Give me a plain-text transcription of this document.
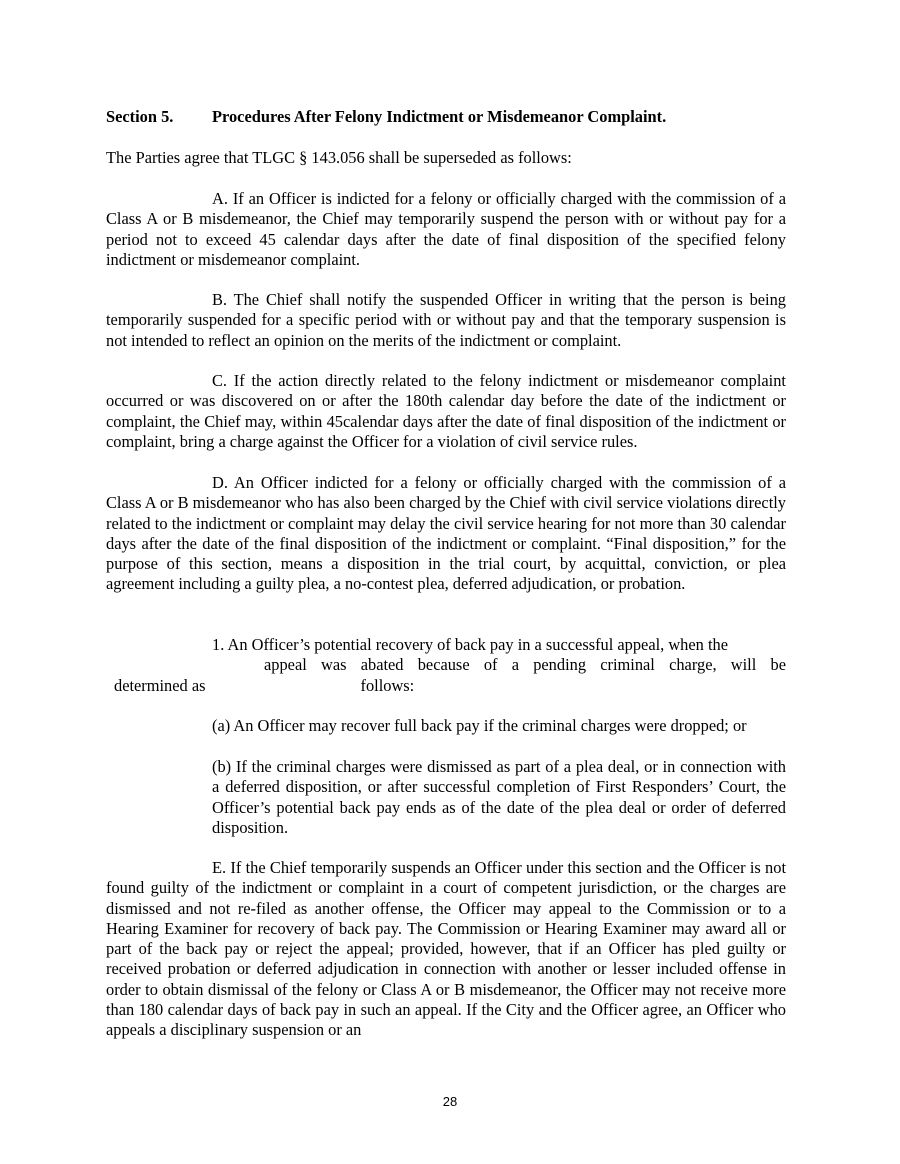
Section 5. Procedures After Felony Indictment or Misdemeanor Complaint.

The Parties agree that TLGC § 143.056 shall be superseded as follows:

A. If an Officer is indicted for a felony or officially charged with the commission of a Class A or B misdemeanor, the Chief may temporarily suspend the person with or without pay for a period not to exceed 45 calendar days after the date of final disposition of the specified felony indictment or misdemeanor complaint.

B. The Chief shall notify the suspended Officer in writing that the person is being temporarily suspended for a specific period with or without pay and that the temporary suspension is not intended to reflect an opinion on the merits of the indictment or complaint.

C. If the action directly related to the felony indictment or misdemeanor complaint occurred or was discovered on or after the 180th calendar day before the date of the indictment or complaint, the Chief may, within 45calendar days after the date of final disposition of the indictment or complaint, bring a charge against the Officer for a violation of civil service rules.

D. An Officer indicted for a felony or officially charged with the commission of a Class A or B misdemeanor who has also been charged by the Chief with civil service violations directly related to the indictment or complaint may delay the civil service hearing for not more than 30 calendar days after the date of the final disposition of the indictment or complaint. “Final disposition,” for the purpose of this section, means a disposition in the trial court, by acquittal, conviction, or plea agreement including a guilty plea, a no-contest plea, deferred adjudication, or probation.

1. An Officer’s potential recovery of back pay in a successful appeal, when the
appeal was abated because of a pending criminal charge, will be
determined as	follows:

(a) An Officer may recover full back pay if the criminal charges were dropped; or

(b) If the criminal charges were dismissed as part of a plea deal, or in connection with a deferred disposition, or after successful completion of First Responders’ Court, the Officer’s potential back pay ends as of the date of the plea deal or order of deferred disposition.

E. If the Chief temporarily suspends an Officer under this section and the Officer is not found guilty of the indictment or complaint in a court of competent jurisdiction, or the charges are dismissed and not re-filed as another offense, the Officer may appeal to the Commission or to a Hearing Examiner for recovery of back pay. The Commission or Hearing Examiner may award all or part of the back pay or reject the appeal; provided, however, that if an Officer has pled guilty or received probation or deferred adjudication in connection with another or lesser included offense in order to obtain dismissal of the felony or Class A or B misdemeanor, the Officer may not receive more than 180 calendar days of back pay in such an appeal. If the City and the Officer agree, an Officer who appeals a disciplinary suspension or an

28
